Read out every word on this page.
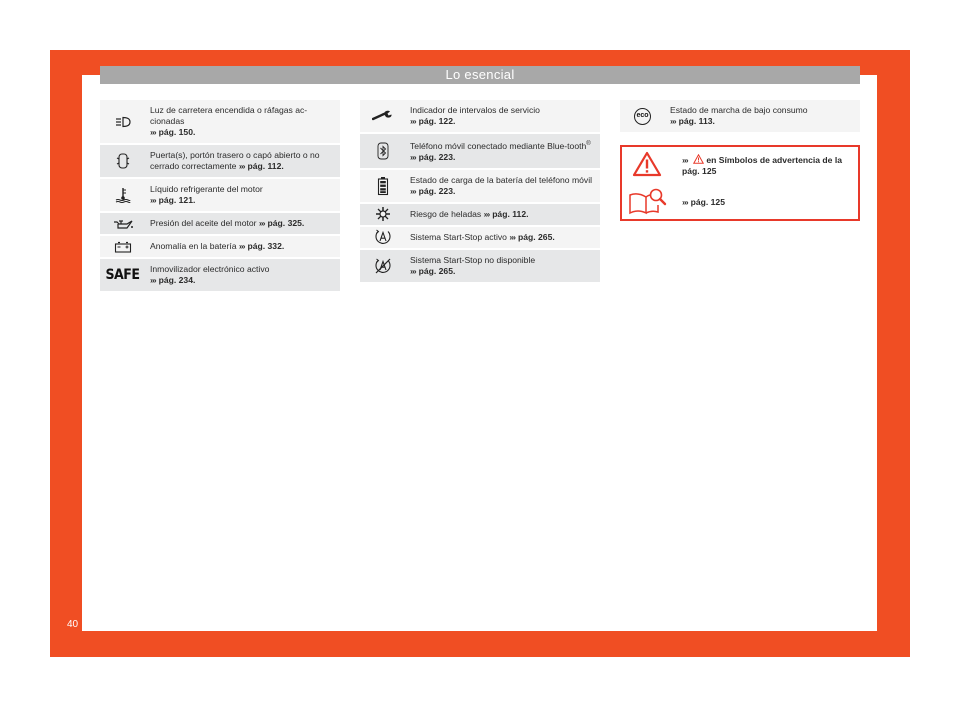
Lo esencial
Luz de carretera encendida o ráfagas ac-cionadas
››› pág. 150.
Puerta(s), portón trasero o capó abierto o no cerrado correctamente ››› pág. 112.
Líquido refrigerante del motor
››› pág. 121.
Presión del aceite del motor ››› pág. 325.
Anomalía en la batería ››› pág. 332.
SAFE Inmovilizador electrónico activo
››› pág. 234.
Indicador de intervalos de servicio
››› pág. 122.
Teléfono móvil conectado mediante Blue-tooth® ››› pág. 223.
Estado de carga de la batería del teléfono móvil
››› pág. 223.
Riesgo de heladas ››› pág. 112.
Sistema Start-Stop activo ››› pág. 265.
Sistema Start-Stop no disponible
››› pág. 265.
eco Estado de marcha de bajo consumo
››› pág. 113.
››› en Símbolos de advertencia de la pág. 125
››› pág. 125
40
